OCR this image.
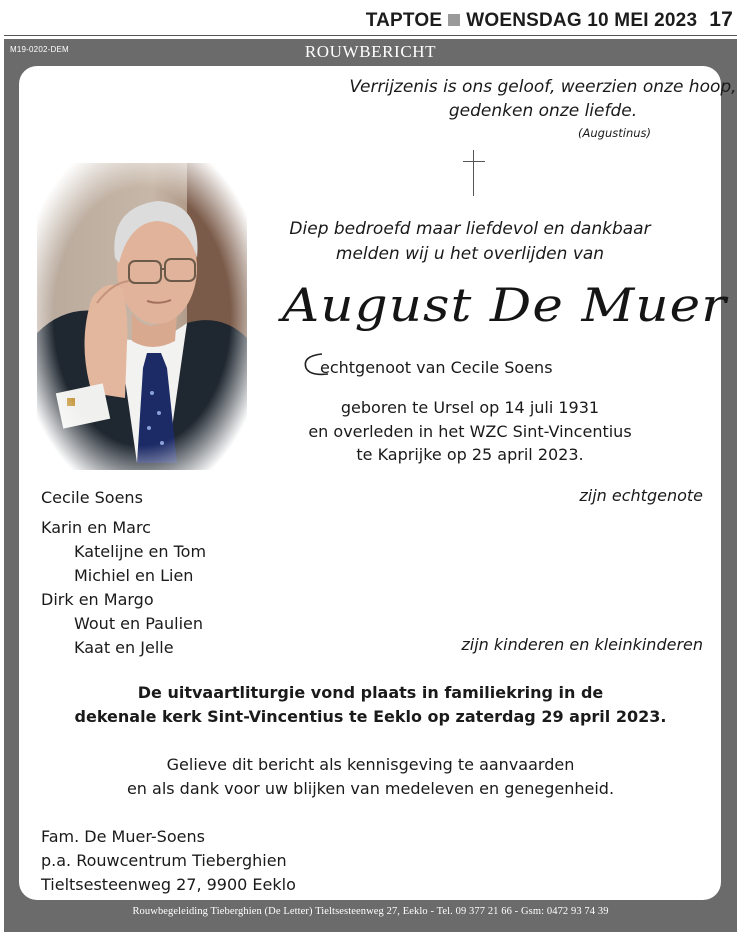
TAPTOE WOENSDAG 10 MEI 2023 17
M19-0202-DEM	ROUWBERICHT
Rouwbegeleiding Tieberghien (De Letter) Tieltsesteenweg 27, Eeklo - Tel. 09 377 21 66 - Gsm: 0472 93 74 39
Verrijzenis is ons geloof, weerzien onze hoop,
gedenken onze liefde.
(Augustinus)
Diep bedroefd maar liefdevol en dankbaar
melden wij u het overlijden van
August De Muer
echtgenoot van Cecile Soens
geboren te Ursel op 14 juli 1931
en overleden in het WZC Sint-Vincentius
te Kaprijke op 25 april 2023.
Cecile Soens
Karin en Marc
Katelijne en Tom
Michiel en Lien
Dirk en Margo
Wout en Paulien
Kaat en Jelle
zijn echtgenote
zijn kinderen en kleinkinderen
De uitvaartliturgie vond plaats in familiekring in de
dekenale kerk Sint-Vincentius te Eeklo op zaterdag 29 april 2023.
Gelieve dit bericht als kennisgeving te aanvaarden
en als dank voor uw blijken van medeleven en genegenheid.
Fam. De Muer-Soens
p.a. Rouwcentrum Tieberghien
Tieltsesteenweg 27, 9900 Eeklo
